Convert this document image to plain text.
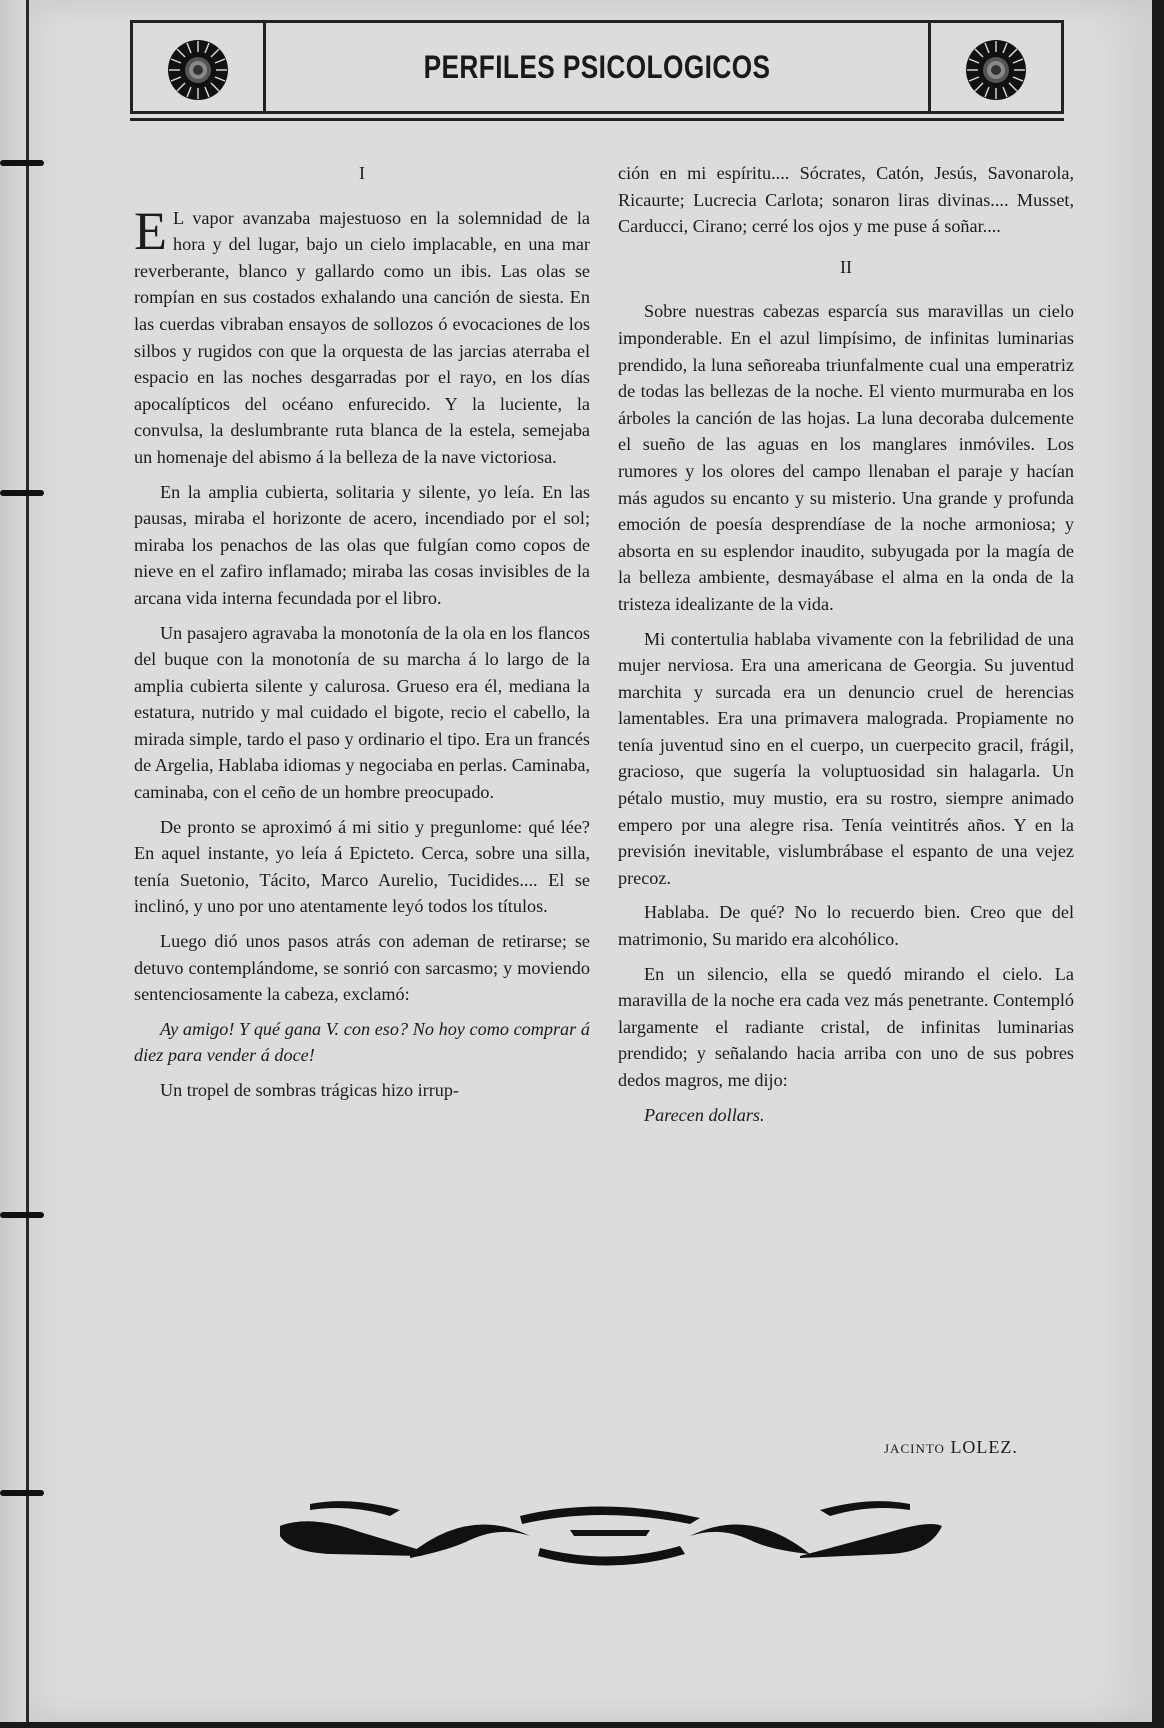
PERFILES PSICOLOGICOS
I

E L vapor avanzaba majestuoso en la solemnidad de la hora y del lugar, bajo un cielo implacable, en una mar reverberante, blanco y gallardo como un ibis. Las olas se rompían en sus costados exhalando una canción de siesta. En las cuerdas vibraban ensayos de sollozos ó evocaciones de los silbos y rugidos con que la orquesta de las jarcias aterraba el espacio en las noches desgarradas por el rayo, en los días apocalípticos del océano enfurecido. Y la luciente, la convulsa, la deslumbrante ruta blanca de la estela, semejaba un homenaje del abismo á la belleza de la nave victoriosa.

En la amplia cubierta, solitaria y silente, yo leía. En las pausas, miraba el horizonte de acero, incendiado por el sol; miraba los penachos de las olas que fulgían como copos de nieve en el zafiro inflamado; miraba las cosas invisibles de la arcana vida interna fecundada por el libro.

Un pasajero agravaba la monotonía de la ola en los flancos del buque con la monotonía de su marcha á lo largo de la amplia cubierta silente y calurosa. Grueso era él, mediana la estatura, nutrido y mal cuidado el bigote, recio el cabello, la mirada simple, tardo el paso y ordinario el tipo. Era un francés de Argelia, Hablaba idiomas y negociaba en perlas. Caminaba, caminaba, con el ceño de un hombre preocupado.

De pronto se aproximó á mi sitio y pregunlome: qué lée? En aquel instante, yo leía á Epicteto. Cerca, sobre una silla, tenía Suetonio, Tácito, Marco Aurelio, Tucidides.... El se inclinó, y uno por uno atentamente leyó todos los títulos.

Luego dió unos pasos atrás con ademan de retirarse; se detuvo contemplándome, se sonrió con sarcasmo; y moviendo sentenciosamente la cabeza, exclamó:

Ay amigo! Y qué gana V. con eso? No hoy como comprar á diez para vender á doce!

Un tropel de sombras trágicas hizo irrup-

ción en mi espíritu.... Sócrates, Catón, Jesús, Savonarola, Ricaurte; Lucrecia Carlota; sonaron liras divinas.... Musset, Carducci, Cirano; cerré los ojos y me puse á soñar....

II

Sobre nuestras cabezas esparcía sus maravillas un cielo imponderable. En el azul limpísimo, de infinitas luminarias prendido, la luna señoreaba triunfalmente cual una emperatriz de todas las bellezas de la noche. El viento murmuraba en los árboles la canción de las hojas. La luna decoraba dulcemente el sueño de las aguas en los manglares inmóviles. Los rumores y los olores del campo llenaban el paraje y hacían más agudos su encanto y su misterio. Una grande y profunda emoción de poesía desprendíase de la noche armoniosa; y absorta en su esplendor inaudito, subyugada por la magía de la belleza ambiente, desmayábase el alma en la onda de la tristeza idealizante de la vida.

Mi contertulia hablaba vivamente con la febrilidad de una mujer nerviosa. Era una americana de Georgia. Su juventud marchita y surcada era un denuncio cruel de herencias lamentables. Era una primavera malograda. Propiamente no tenía juventud sino en el cuerpo, un cuerpecito gracil, frágil, gracioso, que sugería la voluptuosidad sin halagarla. Un pétalo mustio, muy mustio, era su rostro, siempre animado empero por una alegre risa. Tenía veintitrés años. Y en la previsión inevitable, vislumbrábase el espanto de una vejez precoz.

Hablaba. De qué? No lo recuerdo bien. Creo que del matrimonio, Su marido era alcohólico.

En un silencio, ella se quedó mirando el cielo. La maravilla de la noche era cada vez más penetrante. Contempló largamente el radiante cristal, de infinitas luminarias prendido; y señalando hacia arriba con uno de sus pobres dedos magros, me dijo:

Parecen dollars.

JACINTO LOLEZ.
